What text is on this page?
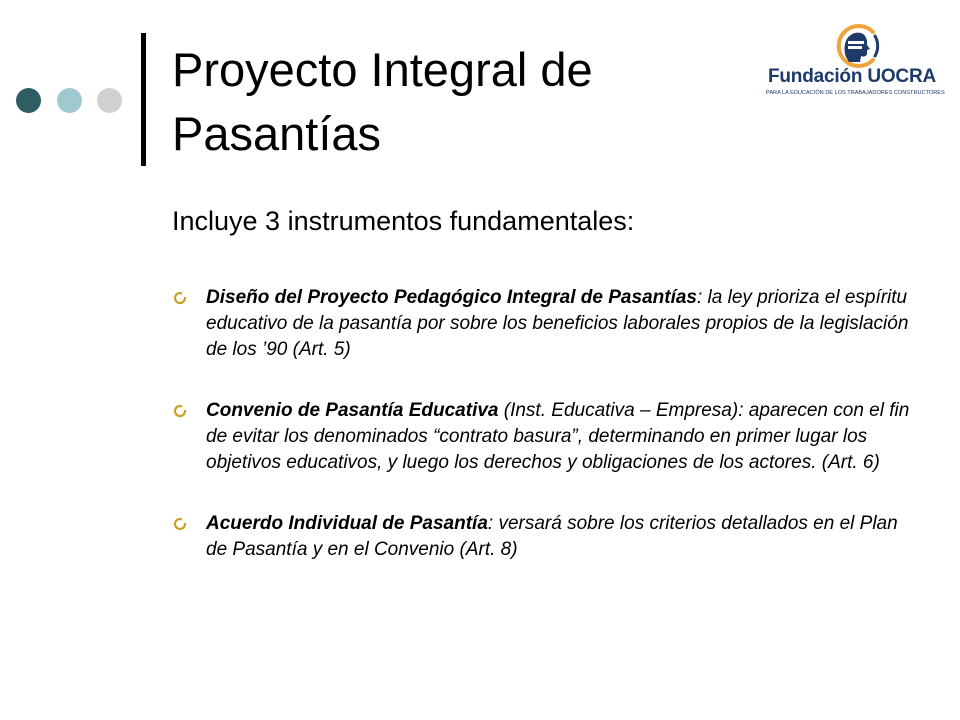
Proyecto Integral de
Pasantías
Fundación UOCRA
PARA LA EDUCACIÓN DE LOS TRABAJADORES CONSTRUCTORES
Incluye 3 instrumentos fundamentales:
Diseño del Proyecto Pedagógico Integral de Pasantías: la ley prioriza el espíritu educativo de la pasantía por sobre los beneficios laborales propios de la legislación de los ’90 (Art. 5)
Convenio de Pasantía Educativa (Inst. Educativa – Empresa): aparecen con el fin de evitar los denominados “contrato basura”, determinando en primer lugar los objetivos educativos, y luego los derechos y obligaciones de los actores. (Art. 6)
Acuerdo Individual de Pasantía: versará sobre los criterios detallados en el Plan de Pasantía y en el Convenio (Art. 8)
